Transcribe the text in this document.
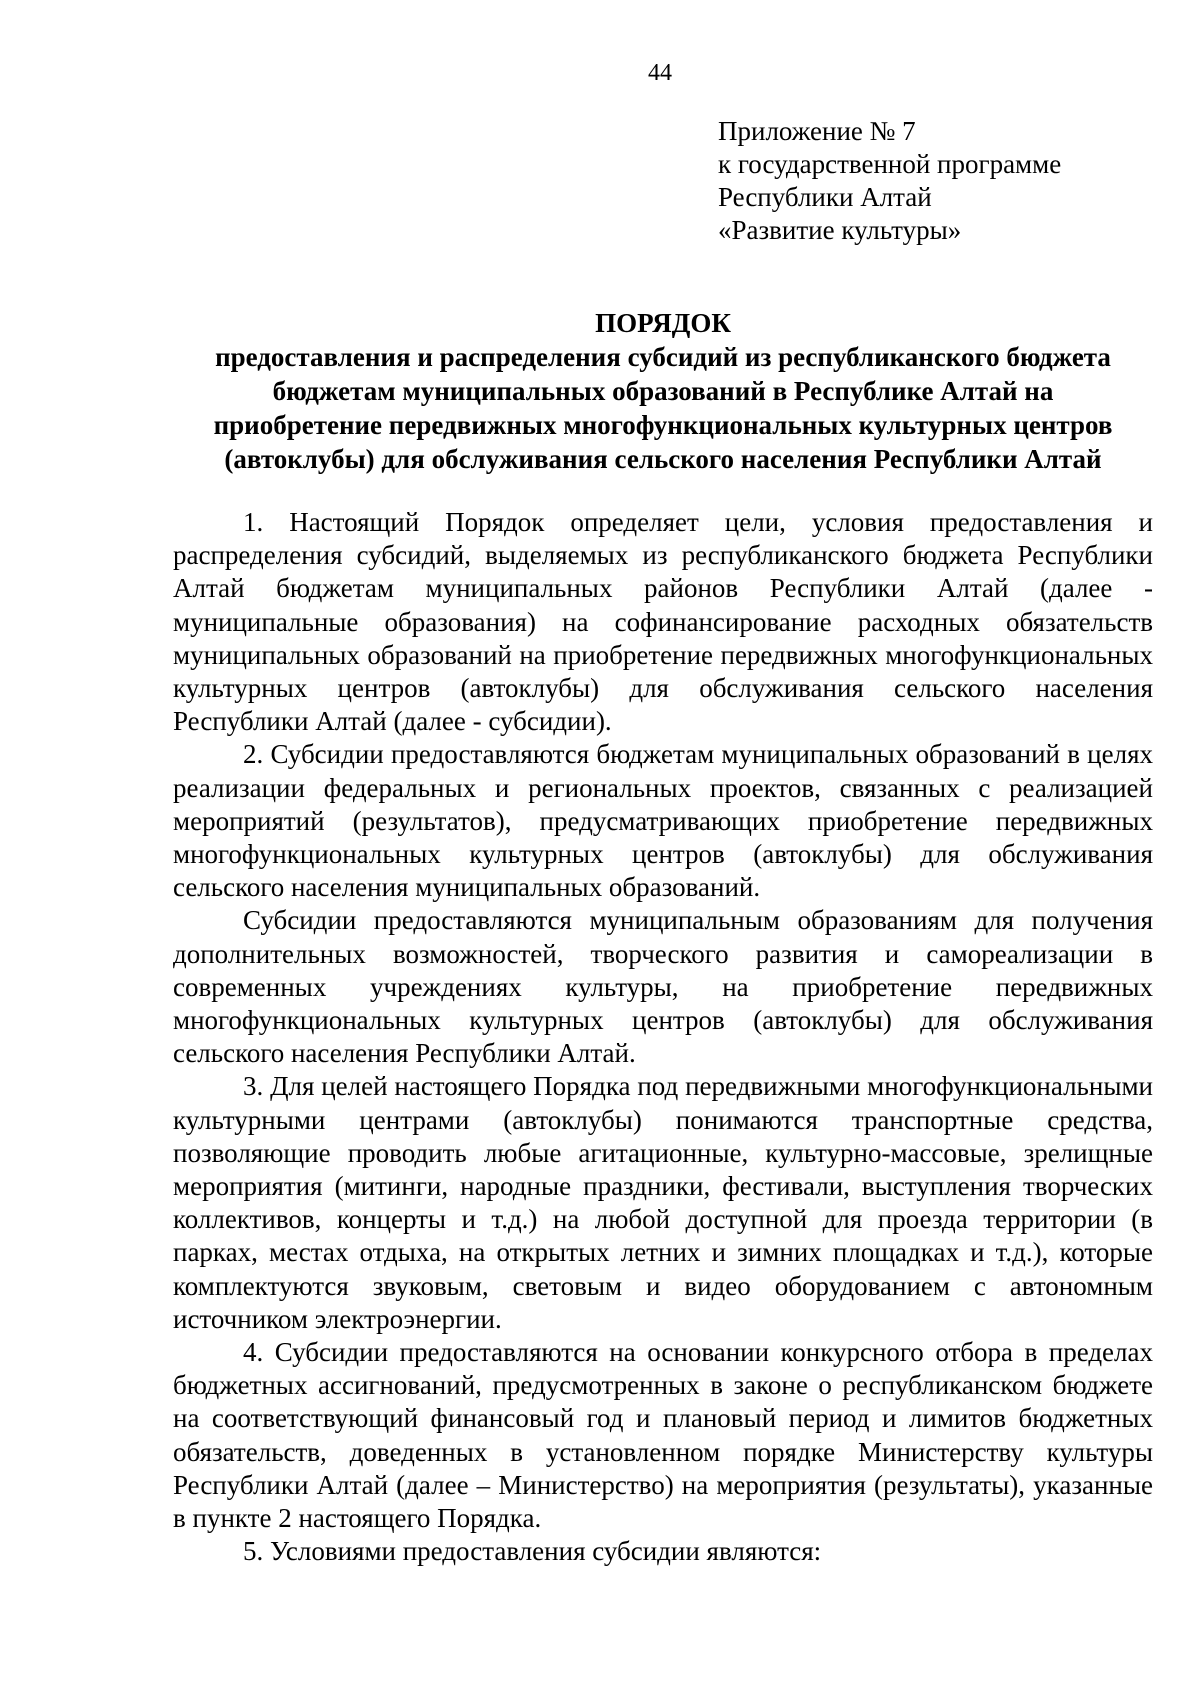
44
Приложение № 7
к государственной программе
Республики Алтай
«Развитие культуры»
ПОРЯДОК
предоставления и распределения субсидий из республиканского бюджета
бюджетам муниципальных образований в Республике Алтай на
приобретение передвижных многофункциональных культурных центров
(автоклубы) для обслуживания сельского населения Республики Алтай

1. Настоящий Порядок определяет цели, условия предоставления и распределения субсидий, выделяемых из республиканского бюджета Республики Алтай бюджетам муниципальных районов Республики Алтай (далее - муниципальные образования) на софинансирование расходных обязательств муниципальных образований на приобретение передвижных многофункциональных культурных центров (автоклубы) для обслуживания сельского населения Республики Алтай (далее - субсидии).

2. Субсидии предоставляются бюджетам муниципальных образований в целях реализации федеральных и региональных проектов, связанных с реализацией мероприятий (результатов), предусматривающих приобретение передвижных многофункциональных культурных центров (автоклубы) для обслуживания сельского населения муниципальных образований.

Субсидии предоставляются муниципальным образованиям для получения дополнительных возможностей, творческого развития и самореализации в современных учреждениях культуры, на приобретение передвижных многофункциональных культурных центров (автоклубы) для обслуживания сельского населения Республики Алтай.

3. Для целей настоящего Порядка под передвижными многофункциональными культурными центрами (автоклубы) понимаются транспортные средства, позволяющие проводить любые агитационные, культурно-массовые, зрелищные мероприятия (митинги, народные праздники, фестивали, выступления творческих коллективов, концерты и т.д.) на любой доступной для проезда территории (в парках, местах отдыха, на открытых летних и зимних площадках и т.д.), которые комплектуются звуковым, световым и видео оборудованием с автономным источником электроэнергии.

4. Субсидии предоставляются на основании конкурсного отбора в пределах бюджетных ассигнований, предусмотренных в законе о республиканском бюджете на соответствующий финансовый год и плановый период и лимитов бюджетных обязательств, доведенных в установленном порядке Министерству культуры Республики Алтай (далее – Министерство) на мероприятия (результаты), указанные в пункте 2 настоящего Порядка.

5. Условиями предоставления субсидии являются:
